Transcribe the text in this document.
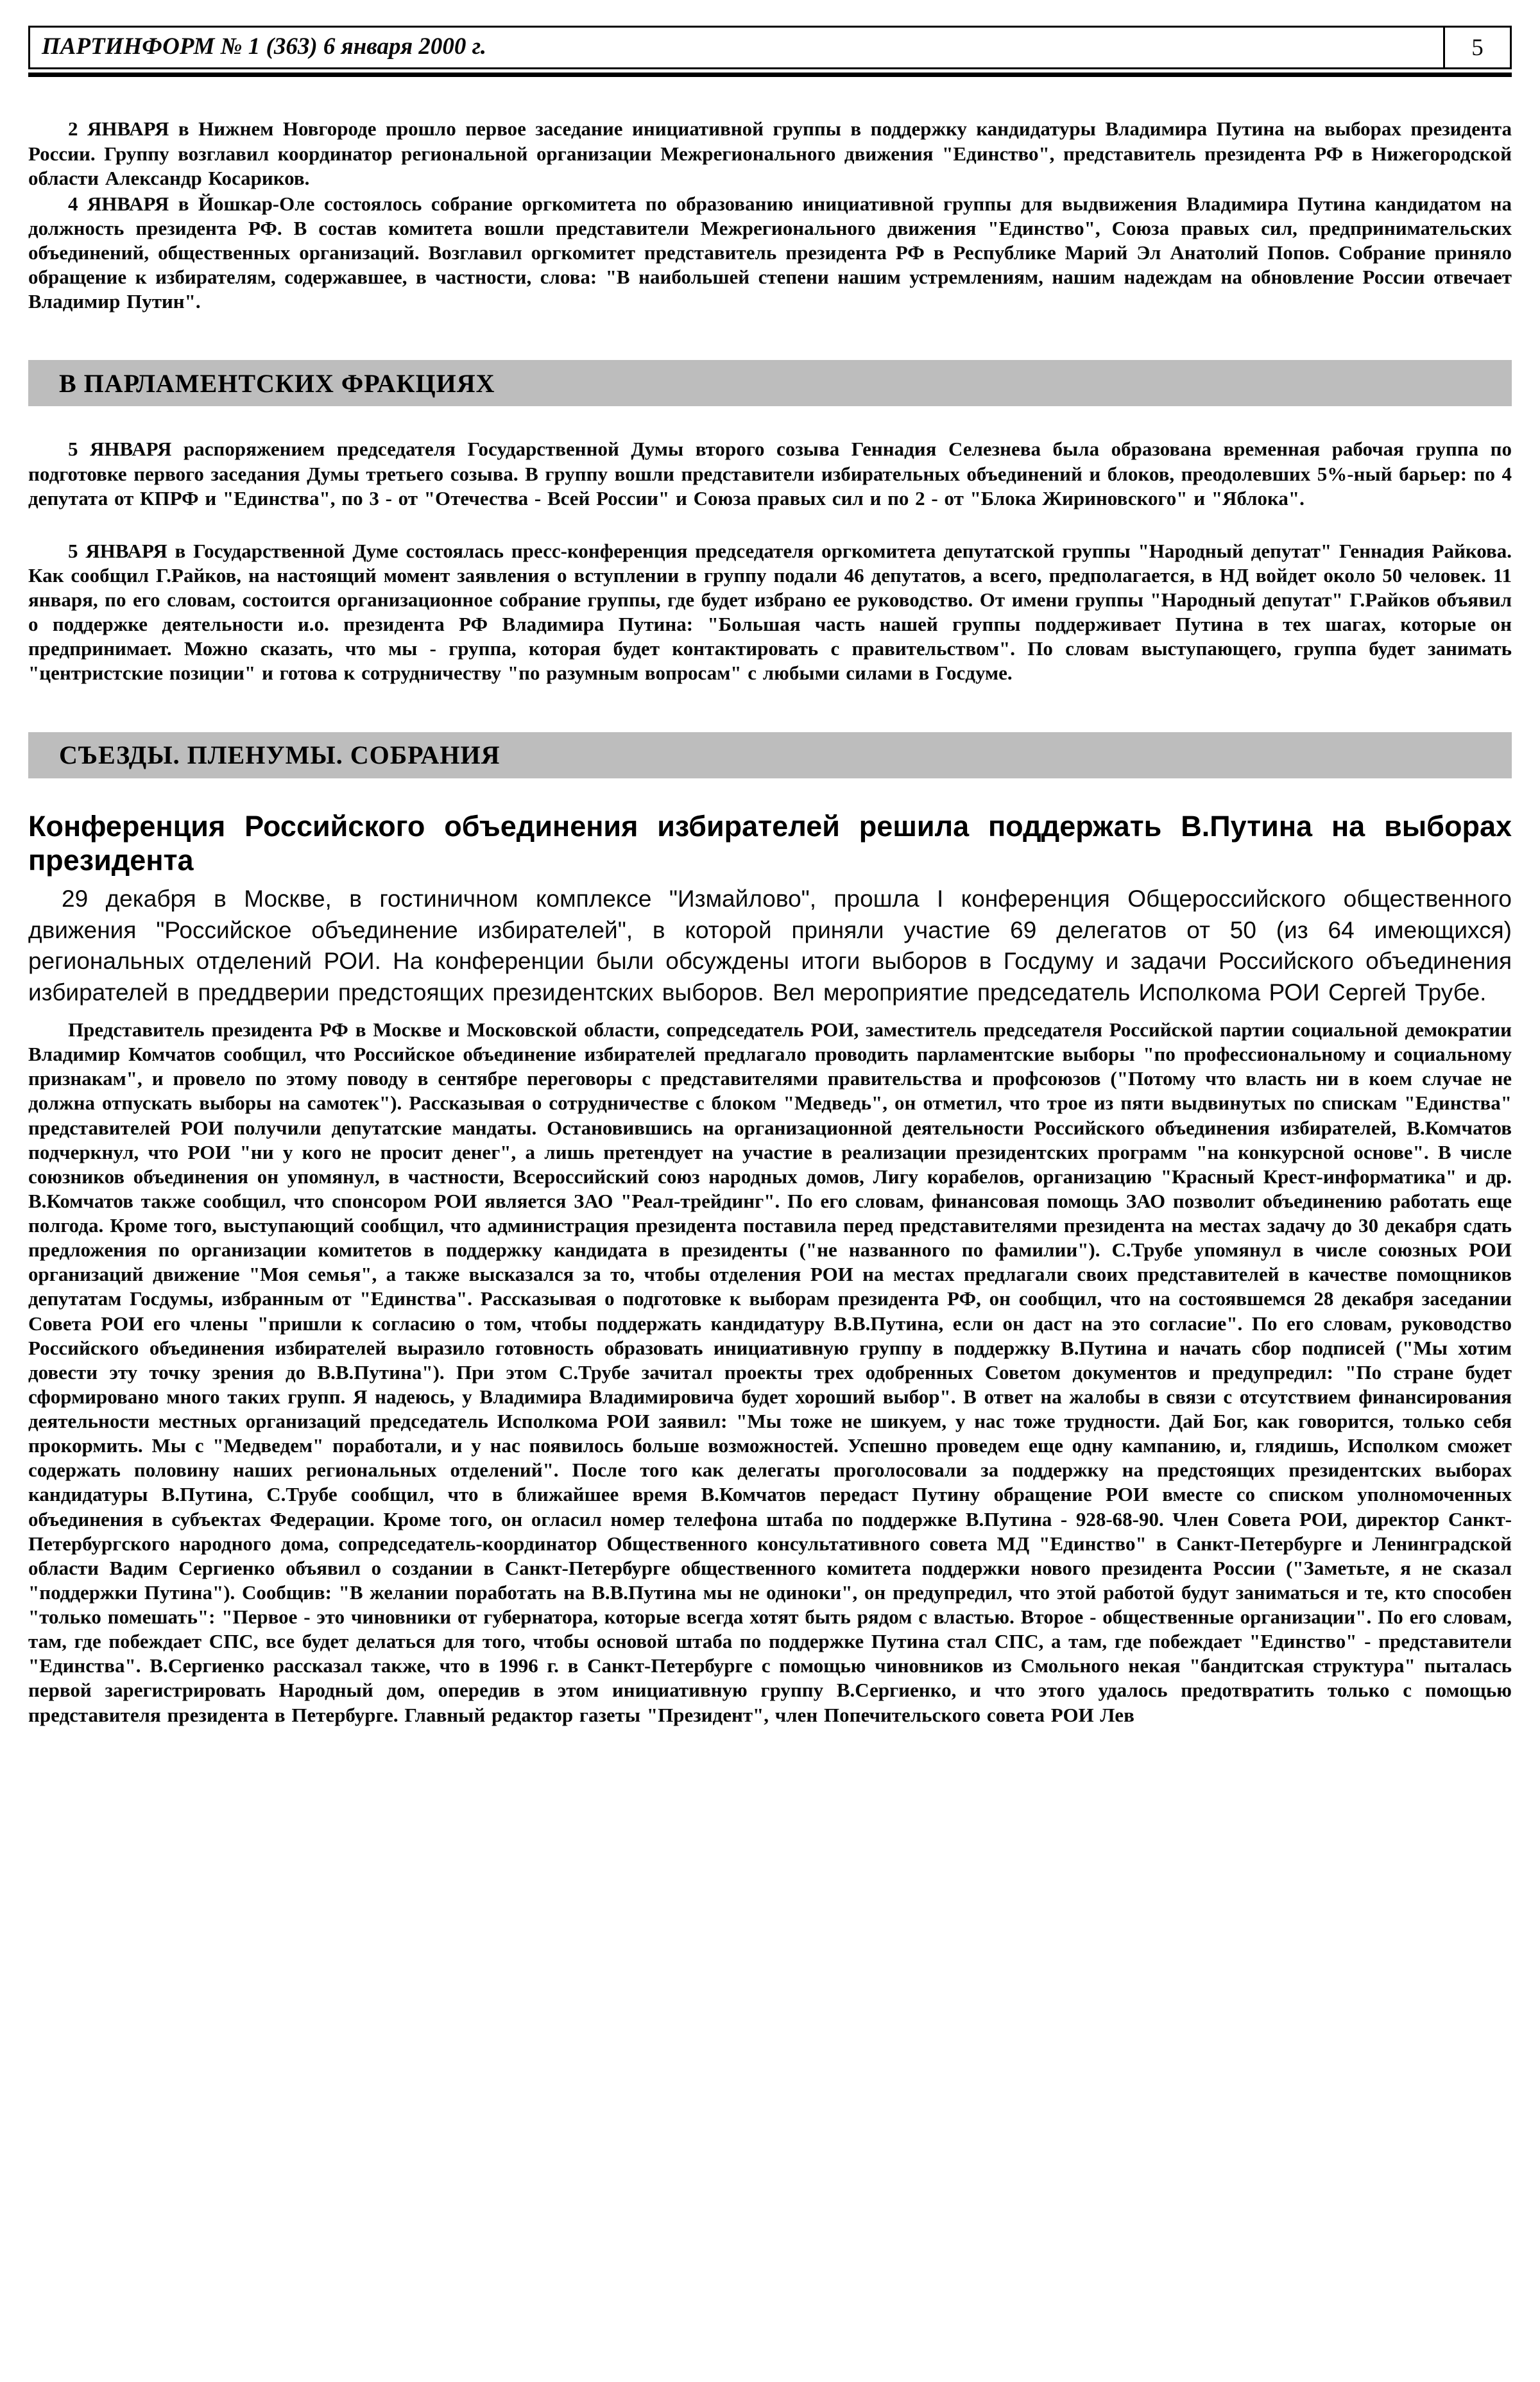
ПАРТИНФОРМ № 1 (363) 6 января 2000 г.	5

2 ЯНВАРЯ в Нижнем Новгороде прошло первое заседание инициативной группы в поддержку кандидатуры Владимира Путина на выборах президента России. Группу возглавил координатор региональной организации Межрегионального движения "Единство", представитель президента РФ в Нижегородской области Александр Косариков.

4 ЯНВАРЯ в Йошкар-Оле состоялось собрание оргкомитета по образованию инициативной группы для выдвижения Владимира Путина кандидатом на должность президента РФ. В состав комитета вошли представители Межрегионального движения "Единство", Союза правых сил, предпринимательских объединений, общественных организаций. Возглавил оргкомитет представитель президента РФ в Республике Марий Эл Анатолий Попов. Собрание приняло обращение к избирателям, содержавшее, в частности, слова: "В наибольшей степени нашим устремлениям, нашим надеждам на обновление России отвечает Владимир Путин".

В ПАРЛАМЕНТСКИХ ФРАКЦИЯХ

5 ЯНВАРЯ распоряжением председателя Государственной Думы второго созыва Геннадия Селезнева была образована временная рабочая группа по подготовке первого заседания Думы третьего созыва. В группу вошли представители избирательных объединений и блоков, преодолевших 5%-ный барьер: по 4 депутата от КПРФ и "Единства", по 3 - от "Отечества - Всей России" и Союза правых сил и по 2 - от "Блока Жириновского" и "Яблока".

5 ЯНВАРЯ в Государственной Думе состоялась пресс-конференция председателя оргкомитета депутатской группы "Народный депутат" Геннадия Райкова. Как сообщил Г.Райков, на настоящий момент заявления о вступлении в группу подали 46 депутатов, а всего, предполагается, в НД войдет около 50 человек. 11 января, по его словам, состоится организационное собрание группы, где будет избрано ее руководство. От имени группы "Народный депутат" Г.Райков объявил о поддержке деятельности и.о. президента РФ Владимира Путина: "Большая часть нашей группы поддерживает Путина в тех шагах, которые он предпринимает. Можно сказать, что мы - группа, которая будет контактировать с правительством". По словам выступающего, группа будет занимать "центристские позиции" и готова к сотрудничеству "по разумным вопросам" с любыми силами в Госдуме.

СЪЕЗДЫ. ПЛЕНУМЫ. СОБРАНИЯ
Конференция Российского объединения избирателей решила поддержать В.Путина на выборах президента

29 декабря в Москве, в гостиничном комплексе "Измайлово", прошла I конференция Общероссийского общественного движения "Российское объединение избирателей", в которой приняли участие 69 делегатов от 50 (из 64 имеющихся) региональных отделений РОИ. На конференции были обсуждены итоги выборов в Госдуму и задачи Российского объединения избирателей в преддверии предстоящих президентских выборов. Вел мероприятие председатель Исполкома РОИ Сергей Трубе.

Представитель президента РФ в Москве и Московской области, сопредседатель РОИ, заместитель председателя Российской партии социальной демократии Владимир Комчатов сообщил, что Российское объединение избирателей предлагало проводить парламентские выборы "по профессиональному и социальному признакам", и провело по этому поводу в сентябре переговоры с представителями правительства и профсоюзов ("Потому что власть ни в коем случае не должна отпускать выборы на самотек"). Рассказывая о сотрудничестве с блоком "Медведь", он отметил, что трое из пяти выдвинутых по спискам "Единства" представителей РОИ получили депутатские мандаты. Остановившись на организационной деятельности Российского объединения избирателей, В.Комчатов подчеркнул, что РОИ "ни у кого не просит денег", а лишь претендует на участие в реализации президентских программ "на конкурсной основе". В числе союзников объединения он упомянул, в частности, Всероссийский союз народных домов, Лигу корабелов, организацию "Красный Крест-информатика" и др. В.Комчатов также сообщил, что спонсором РОИ является ЗАО "Реал-трейдинг". По его словам, финансовая помощь ЗАО позволит объединению работать еще полгода. Кроме того, выступающий сообщил, что администрация президента поставила перед представителями президента на местах задачу до 30 декабря сдать предложения по организации комитетов в поддержку кандидата в президенты ("не названного по фамилии"). С.Трубе упомянул в числе союзных РОИ организаций движение "Моя семья", а также высказался за то, чтобы отделения РОИ на местах предлагали своих представителей в качестве помощников депутатам Госдумы, избранным от "Единства". Рассказывая о подготовке к выборам президента РФ, он сообщил, что на состоявшемся 28 декабря заседании Совета РОИ его члены "пришли к согласию о том, чтобы поддержать кандидатуру В.В.Путина, если он даст на это согласие". По его словам, руководство Российского объединения избирателей выразило готовность образовать инициативную группу в поддержку В.Путина и начать сбор подписей ("Мы хотим довести эту точку зрения до В.В.Путина"). При этом С.Трубе зачитал проекты трех одобренных Советом документов и предупредил: "По стране будет сформировано много таких групп. Я надеюсь, у Владимира Владимировича будет хороший выбор". В ответ на жалобы в связи с отсутствием финансирования деятельности местных организаций председатель Исполкома РОИ заявил: "Мы тоже не шикуем, у нас тоже трудности. Дай Бог, как говорится, только себя прокормить. Мы с "Медведем" поработали, и у нас появилось больше возможностей. Успешно проведем еще одну кампанию, и, глядишь, Исполком сможет содержать половину наших региональных отделений". После того как делегаты проголосовали за поддержку на предстоящих президентских выборах кандидатуры В.Путина, С.Трубе сообщил, что в ближайшее время В.Комчатов передаст Путину обращение РОИ вместе со списком уполномоченных объединения в субъектах Федерации. Кроме того, он огласил номер телефона штаба по поддержке В.Путина - 928-68-90. Член Совета РОИ, директор Санкт-Петербургского народного дома, сопредседатель-координатор Общественного консультативного совета МД "Единство" в Санкт-Петербурге и Ленинградской области Вадим Сергиенко объявил о создании в Санкт-Петербурге общественного комитета поддержки нового президента России ("Заметьте, я не сказал "поддержки Путина"). Сообщив: "В желании поработать на В.В.Путина мы не одиноки", он предупредил, что этой работой будут заниматься и те, кто способен "только помешать": "Первое - это чиновники от губернатора, которые всегда хотят быть рядом с властью. Второе - общественные организации". По его словам, там, где побеждает СПС, все будет делаться для того, чтобы основой штаба по поддержке Путина стал СПС, а там, где побеждает "Единство" - представители "Единства". В.Сергиенко рассказал также, что в 1996 г. в Санкт-Петербурге с помощью чиновников из Смольного некая "бандитская структура" пыталась первой зарегистрировать Народный дом, опередив в этом инициативную группу В.Сергиенко, и что этого удалось предотвратить только с помощью представителя президента в Петербурге. Главный редактор газеты "Президент", член Попечительского совета РОИ Лев
